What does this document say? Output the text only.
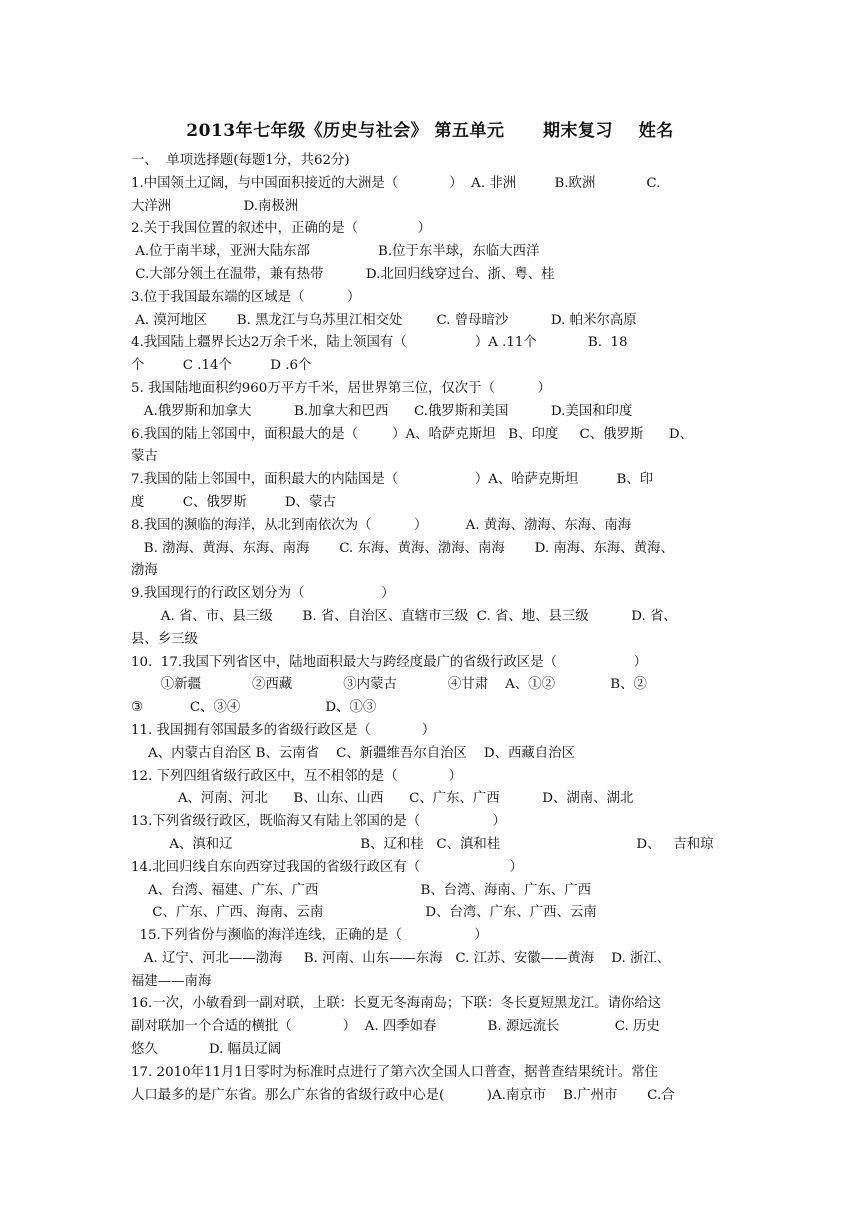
2013年七年级《历史与社会》 第五单元      期末复习    姓名
一、  单项选择题(每题1分，共62分)
1.中国领土辽阔，与中国面积接近的大洲是（            ）  A. 非洲         B.欧洲            C.
大洋洲                 D.南极洲
2.关于我国位置的叙述中，正确的是（              ）
A.位于南半球，亚洲大陆东部                B.位于东半球，东临大西洋
C.大部分领土在温带，兼有热带          D.北回归线穿过台、浙、粤、桂
3.位于我国最东端的区域是（          ）
A. 漠河地区       B. 黑龙江与乌苏里江相交处        C. 曾母暗沙          D. 帕米尔高原
4.我国陆上疆界长达2万余千米，陆上领国有（                ）A .11个            B.  18
个         C .14个         D .6个
5. 我国陆地面积约960万平方千米，居世界第三位，仅次于（          ）
A.俄罗斯和加拿大          B.加拿大和巴西      C.俄罗斯和美国          D.美国和印度
6.我国的陆上邻国中，面积最大的是（        ）A、哈萨克斯坦   B、印度     C、俄罗斯      D、
蒙古
7.我国的陆上邻国中，面积最大的内陆国是（                  ）A、哈萨克斯坦         B、印
度         C、俄罗斯         D、蒙古
8.我国的濒临的海洋，从北到南依次为（          ）         A. 黄海、渤海、东海、南海
B. 渤海、黄海、东海、南海       C. 东海、黄海、渤海、南海       D. 南海、东海、黄海、
渤海
9.我国现行的行政区划分为（                  ）
A. 省、市、县三级       B. 省、自治区、直辖市三级  C. 省、地、县三级          D. 省、
县、乡三级
10.  17.我国下列省区中，陆地面积最大与跨经度最广的省级行政区是（                  ）
①新疆            ②西藏            ③内蒙古            ④甘肃    A、①②             B、②
③           C、③④                    D、①③
11. 我国拥有邻国最多的省级行政区是（            ）
A、内蒙古自治区 B、云南省    C、新疆维吾尔自治区    D、西藏自治区
12. 下列四组省级行政区中，互不相邻的是（            ）
A、河南、河北      B、山东、山西      C、广东、广西          D、湖南、湖北
13.下列省级行政区，既临海又有陆上邻国的是（                 ）
A、滇和辽                              B、辽和桂   C、滇和桂                                D、   吉和琼
14.北回归线自东向西穿过我国的省级行政区有（                     ）
A、台湾、福建、广东、广西                        B、台湾、海南、广东、广西
C、广东、广西、海南、云南                        D、台湾、广东、广西、云南
15.下列省份与濒临的海洋连线，正确的是（                 ）
A. 辽宁、河北——渤海     B. 河南、山东——东海   C. 江苏、安徽——黄海    D. 浙江、
福建——南海
16.一次，小敏看到一副对联，上联：长夏无冬海南岛；下联：冬长夏短黑龙江。请你给这
副对联加一个合适的横批（            ）  A. 四季如春            B. 源远流长             C. 历史
悠久            D. 幅员辽阔
17. 2010年11月1日零时为标准时点进行了第六次全国人口普查，据普查结果统计。常住
人口最多的是广东省。那么广东省的省级行政中心是(          )A.南京市    B.广州市       C.合
